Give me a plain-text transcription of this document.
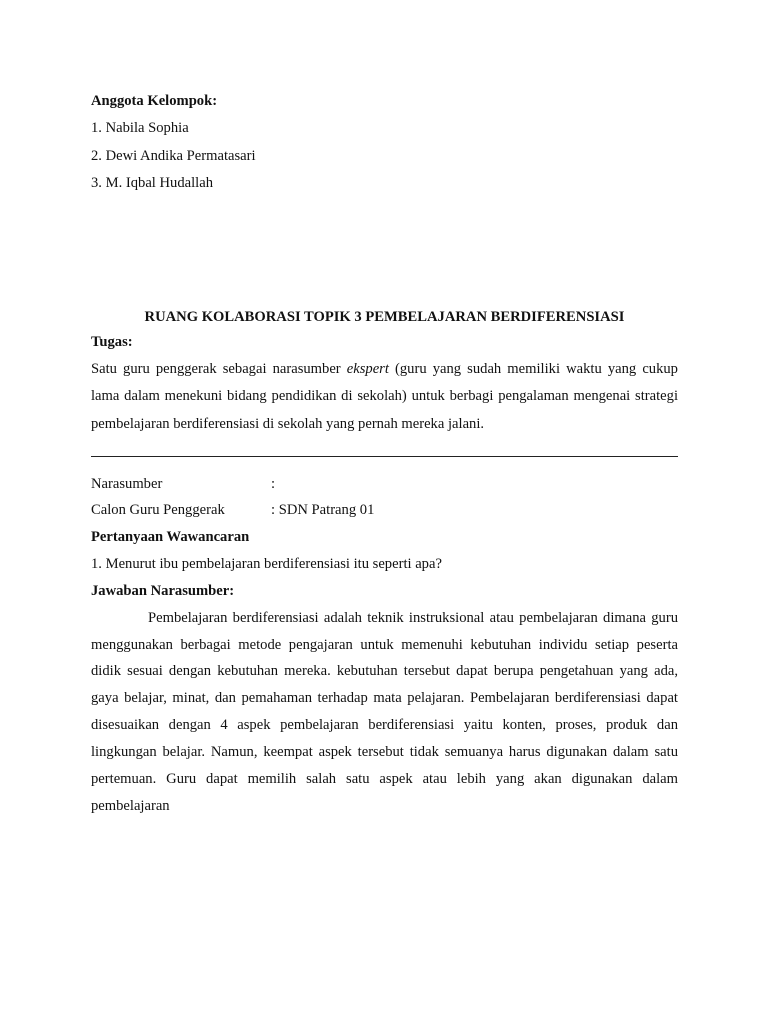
Anggota Kelompok:
1. Nabila Sophia
2. Dewi Andika Permatasari
3. M. Iqbal Hudallah
RUANG KOLABORASI TOPIK 3 PEMBELAJARAN BERDIFERENSIASI
Tugas:
Satu guru penggerak sebagai narasumber ekspert (guru yang sudah memiliki waktu yang cukup
lama dalam menekuni bidang pendidikan di sekolah) untuk berbagi pengalaman mengenai strategi
pembelajaran berdiferensiasi di sekolah yang pernah mereka jalani.
Narasumber	:
Calon Guru Penggerak	: SDN Patrang 01
Pertanyaan Wawancaran
1. Menurut ibu pembelajaran berdiferensiasi itu seperti apa?
Jawaban Narasumber:
Pembelajaran berdiferensiasi adalah teknik instruksional atau pembelajaran dimana guru
menggunakan berbagai metode pengajaran untuk memenuhi kebutuhan individu setiap peserta
didik sesuai dengan kebutuhan mereka. kebutuhan tersebut dapat berupa pengetahuan yang ada,
gaya belajar, minat, dan pemahaman terhadap mata pelajaran. Pembelajaran berdiferensiasi dapat
disesuaikan dengan 4 aspek pembelajaran berdiferensiasi yaitu konten, proses, produk dan
lingkungan belajar. Namun, keempat aspek tersebut tidak semuanya harus digunakan dalam satu
pertemuan. Guru dapat memilih salah satu aspek atau lebih yang akan digunakan dalam
pembelajaran
